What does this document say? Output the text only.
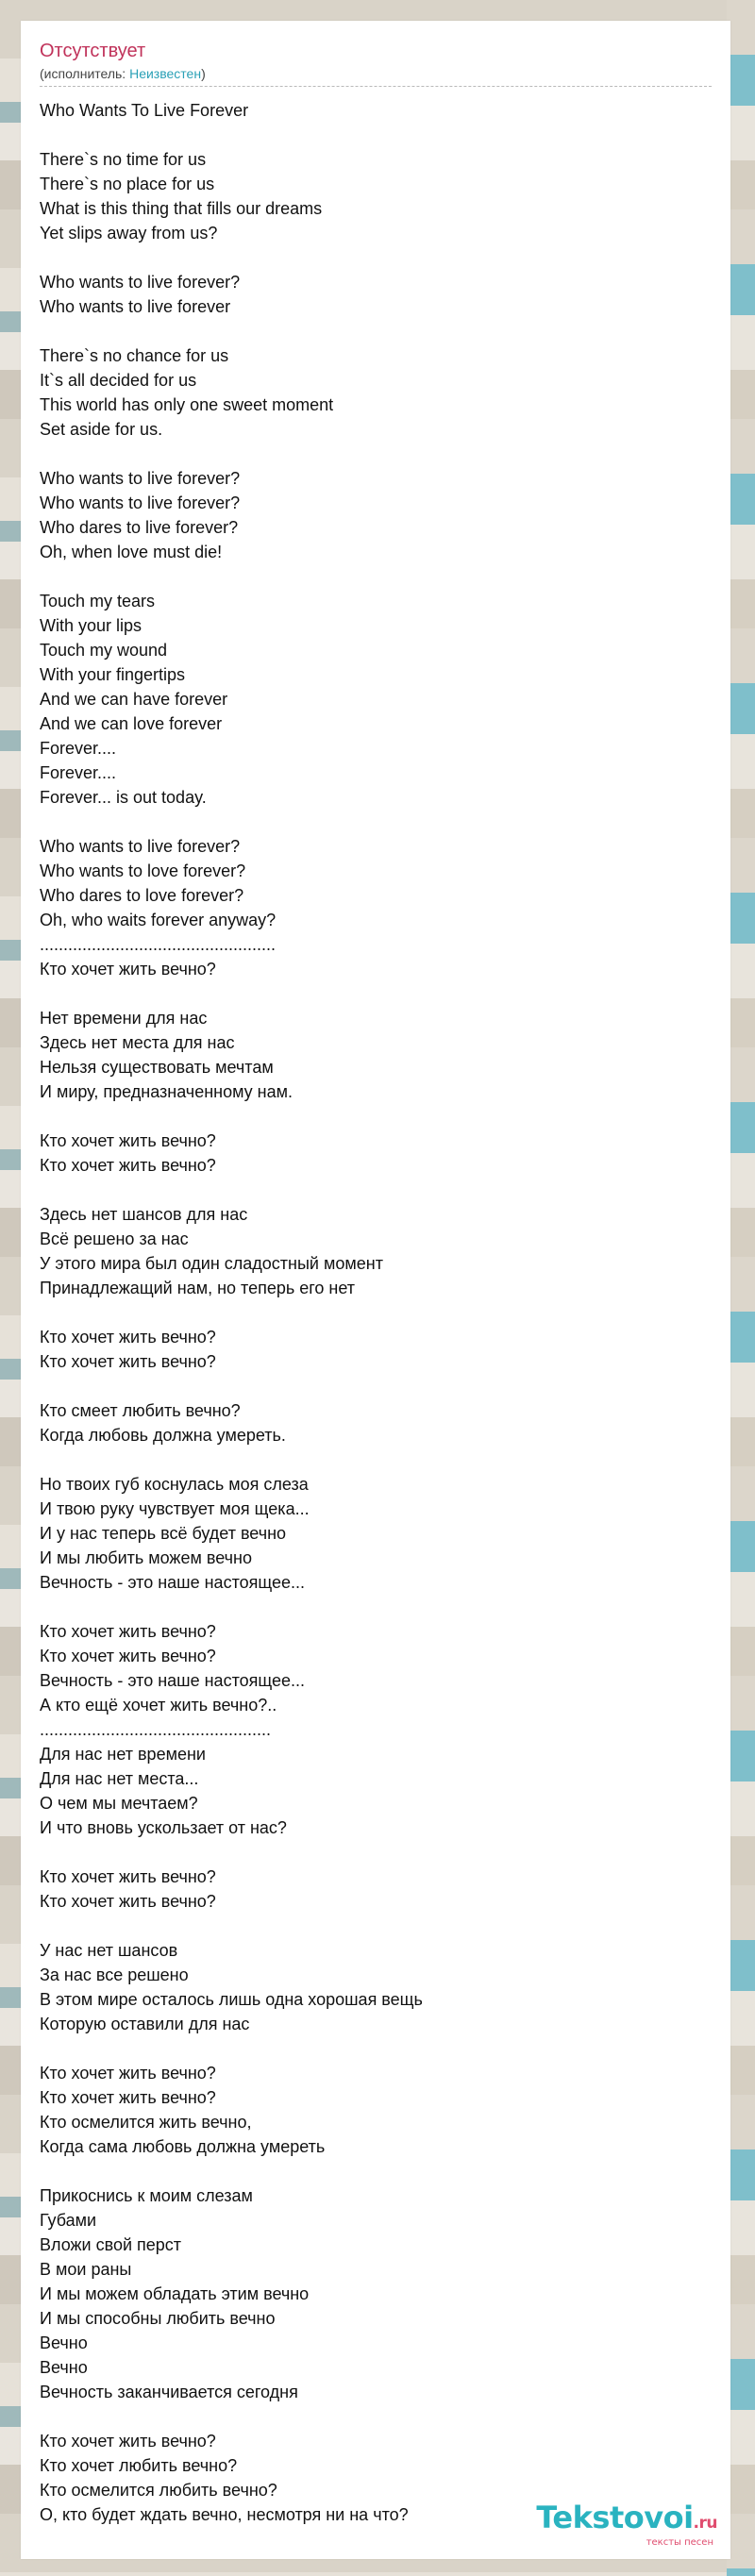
Отсутствует
(исполнитель: Неизвестен)
Who Wants To Live Forever
There`s no time for us
There`s no place for us
What is this thing that fills our dreams
Yet slips away from us?
Who wants to live forever?
Who wants to live forever
There`s no chance for us
It`s all decided for us
This world has only one sweet moment
Set aside for us.
Who wants to live forever?
Who wants to live forever?
Who dares to live forever?
Oh, when love must die!
Touch my tears
With your lips
Touch my wound
With your fingertips
And we can have forever
And we can love forever
Forever....
Forever....
Forever... is out today.
Who wants to live forever?
Who wants to love forever?
Who dares to love forever?
Oh, who waits forever anyway?
..................................................
Кто хочет жить вечно?
Нет времени для нас
Здесь нет места для нас
Нельзя существовать мечтам
И миру, предназначенному нам.
Кто хочет жить вечно?
Кто хочет жить вечно?
Здесь нет шансов для нас
Всё решено за нас
У этого мира был один сладостный момент
Принадлежащий нам, но теперь его нет
Кто хочет жить вечно?
Кто хочет жить вечно?
Кто смеет любить вечно?
Когда любовь должна умереть.
Но твоих губ коснулась моя слеза
И твою руку чувствует моя щека...
И у нас теперь всё будет вечно
И мы любить можем вечно
Вечность - это наше настоящее...
Кто хочет жить вечно?
Кто хочет жить вечно?
Вечность - это наше настоящее...
А кто ещё хочет жить вечно?..
.................................................
Для нас нет времени
Для нас нет места...
О чем мы мечтаем?
И что вновь ускользает от нас?
Кто хочет жить вечно?
Кто хочет жить вечно?
У нас нет шансов
За нас все решено
В этом мире осталось лишь одна хорошая вещь
Которую оставили для нас
Кто хочет жить вечно?
Кто хочет жить вечно?
Кто осмелится жить вечно,
Когда сама любовь должна умереть
Прикоснись к моим слезам
Губами
Вложи свой перст
В мои раны
И мы можем обладать этим вечно
И мы способны любить вечно
Вечно
Вечно
Вечность заканчивается сегодня
Кто хочет жить вечно?
Кто хочет любить вечно?
Кто осмелится любить вечно?
О, кто будет ждать вечно, несмотря ни на что?	Tekstovoi.ru
тексты песен
